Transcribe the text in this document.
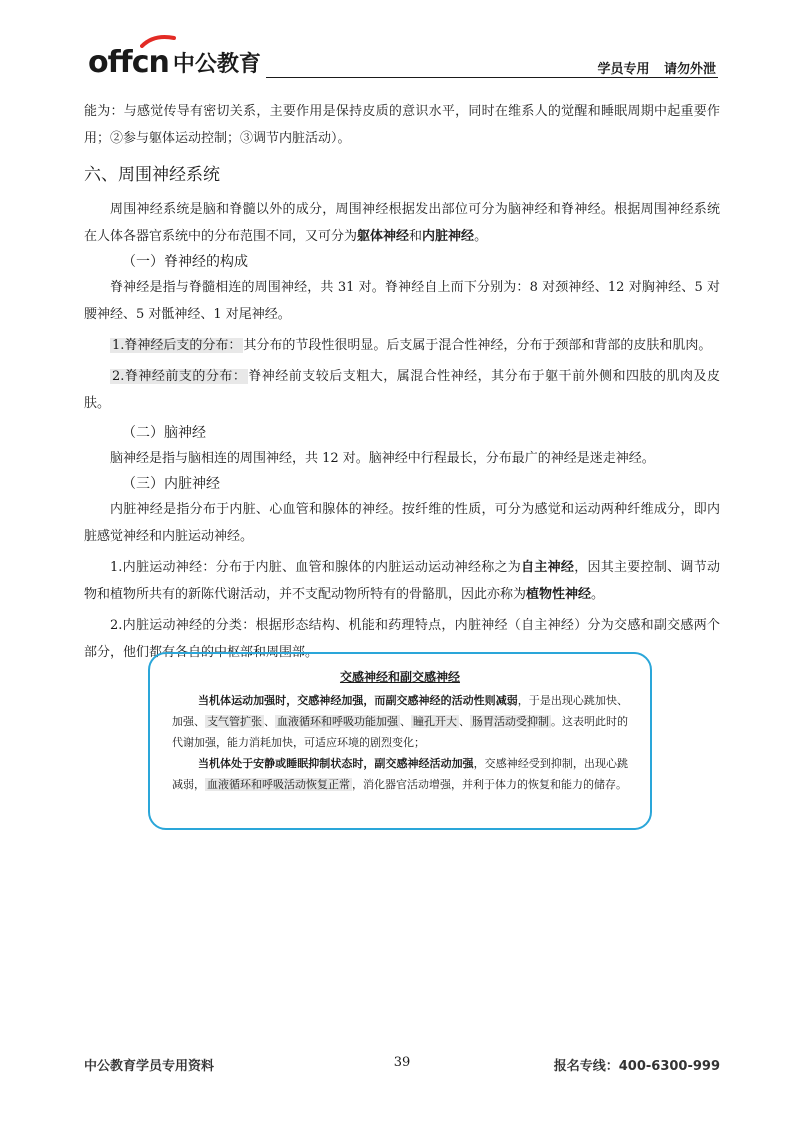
offcn 中公教育	学员专用 请勿外泄

能为：与感觉传导有密切关系，主要作用是保持皮质的意识水平，同时在维系人的觉醒和睡眠周期中起重要作用；②参与躯体运动控制；③调节内脏活动）。

六、周围神经系统

周围神经系统是脑和脊髓以外的成分，周围神经根据发出部位可分为脑神经和脊神经。根据周围神经系统在人体各器官系统中的分布范围不同，又可分为躯体神经和内脏神经。

（一）脊神经的构成

脊神经是指与脊髓相连的周围神经，共 31 对。脊神经自上而下分别为：8 对颈神经、12 对胸神经、5 对腰神经、5 对骶神经、1 对尾神经。

1.脊神经后支的分布： 其分布的节段性很明显。后支属于混合性神经，分布于颈部和背部的皮肤和肌肉。

2.脊神经前支的分布： 脊神经前支较后支粗大，属混合性神经，其分布于躯干前外侧和四肢的肌肉及皮肤。

（二）脑神经

脑神经是指与脑相连的周围神经，共 12 对。脑神经中行程最长，分布最广的神经是迷走神经。

（三）内脏神经

内脏神经是指分布于内脏、心血管和腺体的神经。按纤维的性质，可分为感觉和运动两种纤维成分，即内脏感觉神经和内脏运动神经。

1.内脏运动神经：分布于内脏、血管和腺体的内脏运动运动神经称之为自主神经，因其主要控制、调节动物和植物所共有的新陈代谢活动，并不支配动物所特有的骨骼肌，因此亦称为植物性神经。

2.内脏运动神经的分类：根据形态结构、机能和药理特点，内脏神经（自主神经）分为交感和副交感两个部分，他们都有各自的中枢部和周围部。

交感神经和副交感神经

当机体运动加强时，交感神经加强，而副交感神经的活动性则减弱，于是出现心跳加快、加强、 支气管扩张 、 血液循环和呼吸功能加强 、 瞳孔开大 、 肠胃活动受抑制 。这表明此时的代谢加强，能力消耗加快，可适应环境的剧烈变化；

当机体处于安静或睡眠抑制状态时，副交感神经活动加强，交感神经受到抑制，出现心跳减弱， 血液循环和呼吸活动恢复正常 ，消化器官活动增强，并利于体力的恢复和能力的储存。

中公教育学员专用资料	39	报名专线：400-6300-999
